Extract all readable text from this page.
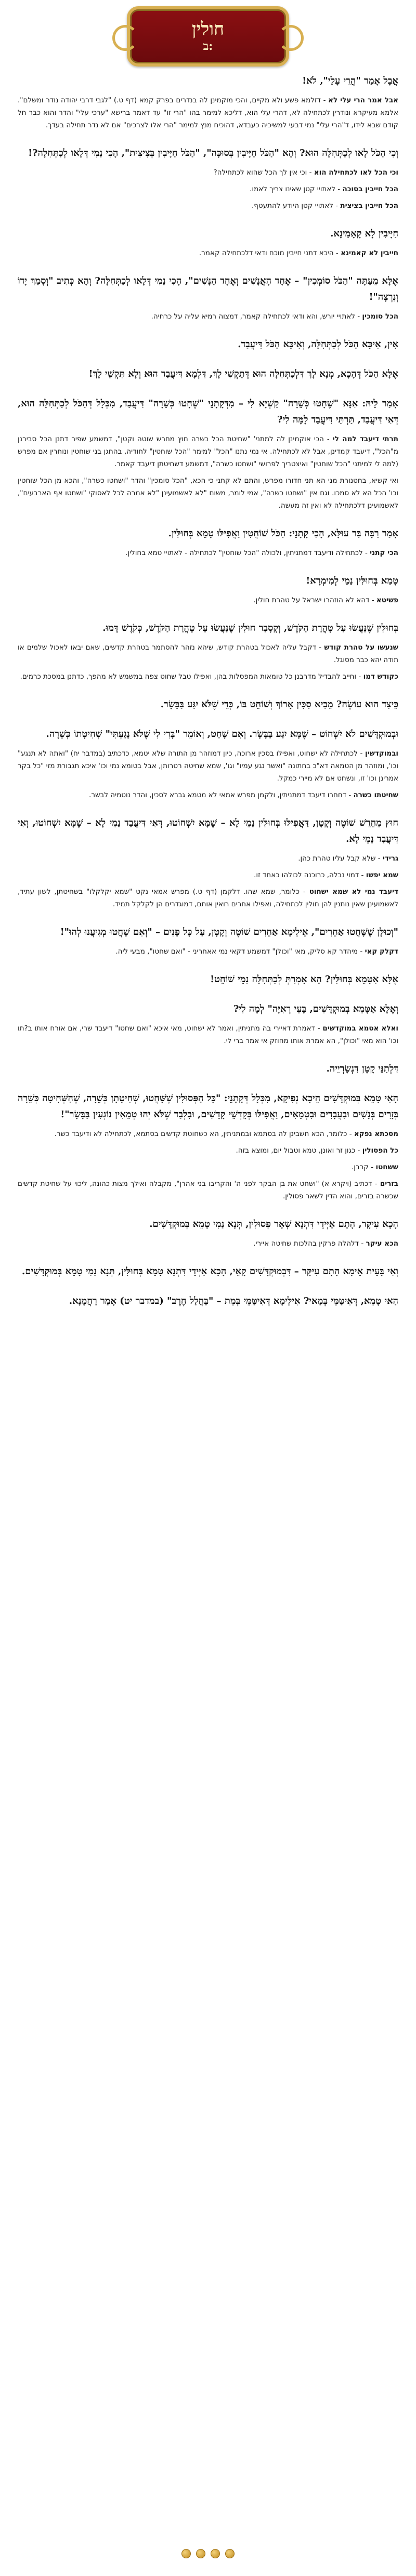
חולין
ב:
אֲבָל אָמַר "הֲרֵי עָלַי", לֹא!
אבל אמר הרי עלי לא - דזלמא פשע ולא מקיים, והכי מוקמינן לה בנדרים בפרק קמא (דף ט.) "לגבי דרבי יהודה נודר ומשלם". אלמא מעיקרא ונודרין לכתחילה לא, דהרי עלי הוא, דליכא למימר בהו "הרי זו" עד דאמר ברישא "ערכי עלי" והדר והוא כבר חל קודם שבא לידו, ד"הרי עלי" נמי דבעי למשיכיה כעבדא, דהוכיח מנץ למימר "הרי אלו לצרכים" אם לא נדר תחילה בעדך.
וְכִי הַכֹּל לָאו לְכַתְּחִלָּה הוּא? וְהָא "הַכֹּל חַיָּיבִין בְּסוּכָּה", "הַכֹּל חַיָּיבִין בְּצִיצִית", הָכִי נַמִי דְּלָאו לְכַתְּחִלָּה?!
וכי הכל לאו לכתחילה הוא - וכי אין לך הכל שהוא לכתחילה?
הכל חייבין בסוכה - לאתויי קטן שאינו צריך לאמו.
הכל חייבין בציצית - לאתויי קטן היודע להתעטף.
חַיָּיבִין לָא קָאָמֵינָא.
חייבין לא קאמינא - היכא דתני חייבין מוכח ודאי דלכתחילה קאמר.
אֶלָּא מֵעַתָּה "הַכֹּל סוֹמְכִין" – אֶחָד הָאֲנָשִׁים וְאֶחָד הַנָּשִׁים", הָכִי נַמִי דְּלָאו לְכַתְּחִלָּה? וְהָא כְּתִיב "וְסָמַךְ יָדוֹ וְנִרְצָה"!
הכל סומכין - לאתויי יורש, והא ודאי לכתחילה קאמר, דמצוה רמיא עליה על כרחיה.
אִין, אִיכָּא הַכֹּל לְכַתְּחִלָּה, וְאִיכָּא הַכֹּל דִּיעֲבַד.
אֶלָּא הַכֹּל דְּהָכָא, מְנָא לָךְ דִּלְכַתְּחִלָּה הוּא דְּתַקְשִׁי לָךְ, דִּלְמָא דִּיעֲבַד הוּא וְלָא תִּקְשֵׁי לָךְ!
אָמַר לֵיהּ: אִנָּא "שֶׁחָטוּ כְּשֵׁרָה" קַשְׁיָא לִי – מִדְּקָתָנֵי "שֶׁחָטוּ כְּשֵׁרָה" דִּיעֲבַד, מִכְּלָל דְּהַכֹּל לְכַתְּחִלָּה הוּא, דְּאִי דִּיעֲבַד, תַּרְתֵּי דִּיעֲבַד לָמָּה לִי?
תרתי דיעבד למה לי - הכי אוקמינן לה למתני' "שחיטת הכל כשרה חוץ מחרש שוטה וקטן", דמשמע שפיר דתנן הכל סבירנן מ"הכל", דיעבד קמדינן, אבל לא לכתחילה. אי נמי נתנו "הכל" למימר "הכל שוחטין" לחודיה, בהחגן בני שוחטין ונוחרין אם מפרש (למה לי למיתני "הכל שוחטין" ואיצטריך לפרושי "ושחטו כשרה", דמשמע דשחיטתן דיעבד קאמר.
ואי קשיא, בחטנורת מני הא תני חדורו מפרש, והתם לא קתני כי הכא, "הכל סומכין" והדר "ושחטו כשרה", והכא מן הכל שוחטין וכו' הכל הא לא סמכו. וגם אין "ושחטו כשרה", אמי לומר, משום "לא לאשמועינן "לא אמרה לכל לאסוקי "ושחטו אף הארבעים", לאשמועינן דלכתחילה לא ואין זה מעשה.
אָמַר רַבָּה בַּר עוּלָּא, הָכִי קָתָנֵי: הַכֹּל שׁוֹחֲטִין וַאֲפִילּוּ טָמֵא בְּחוּלִּין.
הכי קתני - לכתחילה ודיעבד דמתניתין, ולכולה "הכל שוחטין" לכתחילה - לאתויי טמא בחולין.
טָמֵא בְּחוּלִּין נַמֵי לְמִימְרָא!
פשיטא - דהא לא הוזהרו ישראל על טהרת חולין.
בְּחוּלִּין שֶׁנַּעֲשׂוּ עַל טָהֳרַת הַקֹּדֶשׁ, וְקָסָבַר חוּלִּין שֶׁנַּעֲשׂוּ עַל טָהֳרַת הַקֹּדֶשׁ, כְּקֹדֶשׁ דָּמוּ.
שנעשו על טהרת קודש - דקבל עליה לאכול בטהרת קודש, שיהא נזהר להסתמר בטהרת קדשים, שאם יבאו לאכול שלמים או תודה יהא כבר מסוגל.
כקודש דמו - וחייב להבדיל מדרבנן כל טומאות המפסלות בהן, ואפילו טבל שחוט צפה במשמש לא מהפך, כדתנן במסכת כרמים.
כֵּיצַד הוּא עוֹשֶׂה? מֵבִיא סַכִּין אָרוֹךְ וְשׁוֹחֵט בּוֹ, כְּדֵי שֶׁלֹּא יִגַּע בַּבָּשָׂר.
וּבְמוּקְדָּשִׁים לֹא יִשְׁחוֹט – שֶׁמָּא יִגַּע בַּבָּשָׂר. וְאִם שָׁחַט, וְאוֹמֵר "בָּרִי לִי שֶׁלֹּא נָגַעְתִּי" שְׁחִיטָתוֹ כְּשֵׁרָה.
ובמוקדשין - לכתחילה לא ישחוט, ואפילו בסכין ארוכה, כיון דמוזהר מן התורה שלא יטמא, כדכתיב (במדבר יח) "ואתה לא תנגע" וכו', ומוזהר מן הטמאה דא"כ בחתונה "ואשר נגע עמיו" וגו', שמא שחיטה רטרותן, אבל בטומא נמי וכו' איכא תגבורת מזי "כל בקר אמרינן וכו' זו, ונשחט אם לא מיירי כמקל.
שחיטתו כשרה - דחחרו דיעבד דמתניתין, ולקמן מפרש אמאי לא מטמא גברא לסכין, והדר נוטמיה לבשר.
חוּץ מֵחֵרֵשׁ שׁוֹטֶה וְקָטָן, דַּאֲפִילּוּ בְּחוּלִּין נַמֵי לָא – שֶׁמָּא יִשְׁחוֹטוּ, דְּאִי דִּיעֲבַד נַמֵי לָא – שֶׁמָּא יִשְׁחוֹטוּ, וְאִי דִּיעֲבַד נַמֵי לָא.
גרידי - שלא קבל עליו טהרת כהן.
שמא יפשו - דמוי נבלה, כרוכנה לכולהו כאחד זו.
דיעבד נמי לא שמא ישחוט - כלומר, שמא שהו. דלקמן (דף ט.) מפרש אמאי נקט "שמא יקלקלו" בשחיטתן, לשון עתיד, לאשמועינן שאין נותנין להן חולין לכתחילה, ואפילו אחרים רואין אותם, דמוגדרים הן לקלקל תמיד.
"וְכוּלָּן שֶׁשָּׁחֲטוּ אַחֵרִים", אֵילֵימָא אַחֵרִים שׁוֹטֶה וְקָטָן, עַל כָּל פָּנִים – "וְאִם שָׁחֲטוּ מְגִיעֲנוּ לְהוּ"!
דקלק קאי - מיהדר קא סליק, מאי "וכולן" דמשמע דקאי נמי אאחריני - "ואם שחטו", מבעי ליה.
אֶלָּא אַטָּמֵא בְּחוּלִּין? הָא אָמְרַתְּ לְכַתְּחִלָּה נַמֵי שׁוֹחֵט!
וְאֶלָּא אַטָּמֵא בְּמוּקְדָּשִׁים, בָּעֵי רְאִיָּה" לְמָה לִי?
ואלא אטמא במוקדשים - דאמרת דאיירי בה מתניתין, ואמר לא ישחוט, מאי איכא "ואם שחטו" דיעבד שרי, אם אורח אותו ב?תו וכו' הוא מאי "וכולן", הא אמרת אותו מחוזק אי אמר ברי לי.
דִּלְתַנֵּי קָטָן דִּנְשָׂרְיֵיה.
הָאִי טָמֵא בְּמוּקְדָּשִׁים הֵיכָא נְפִיקָא, מִכְּלָל דְּקָתָנֵי: "כָּל הַפְּסוּלִין שֶׁשָּׁחֲטוּ, שְׁחִיטָתָן כְּשֵׁרָה, שֶׁהַשְּׁחִיטָה כְּשֵׁרָה בְּזָרִים בְּנָשִׁים וּבַעֲבָדִים וּבִטְמֵאִים, וַאֲפִילּוּ בְּקָדְשֵׁי קָדָשִׁים, וּבִלְבַד שֶׁלֹּא יְהוּ טְמֵאִין נוֹגְעִין בַּבָּשָׂר"!
מסכתא נפקא - כלומר, הכא חשבינן לה בסתמא ובמתניתין, הא כשחוטת קדשים בסתמא, לכתחילה לא ודיעבד כשר.
כל הפסולין - כגון זר ואונן, טמא וטבול יום, ומוצא בזה.
ששחטו - קרבן.
בזרים - דכתיב (ויקרא א) "ושחט את בן הבקר לפני ה' והקריבו בני אהרן", מקבלה ואילך מצות כהונה, ליכוי על שחיטת קדשים שכשרה בזרים, והוא הדין לשאר פסולין.
הָכָא עִיקָּר, הָתָם אַיְּידֵי דִּתְנָא שְׁאָר פְּסוּלִין, תְּנָא נַמִי טָמֵא בְּמוּקְדָּשִׁים.
הכא עיקר - דלהלה פרקין בהלכות שחיטה איירי.
וְאִי בָּעֵית אֵימָא הָתָם עִיקָּר – דִּבְמוּקְדָּשִׁים קָאֵי, הָכָא אַיְּידֵי דִּתְנָא טָמֵא בְּחוּלִּין, תְּנָא נַמִי טָמֵא בְּמוּקְדָּשִׁים.
הַאי טָמֵא, דְּאִיטַּמֵּי בְּמַאי? אִילֵּימָא דְּאִיטַּמֵּי בְּמֵת – "בַּחֲלַל חֶרֶב" (במדבר יט) אָמַר רַחֲמָנָא.
